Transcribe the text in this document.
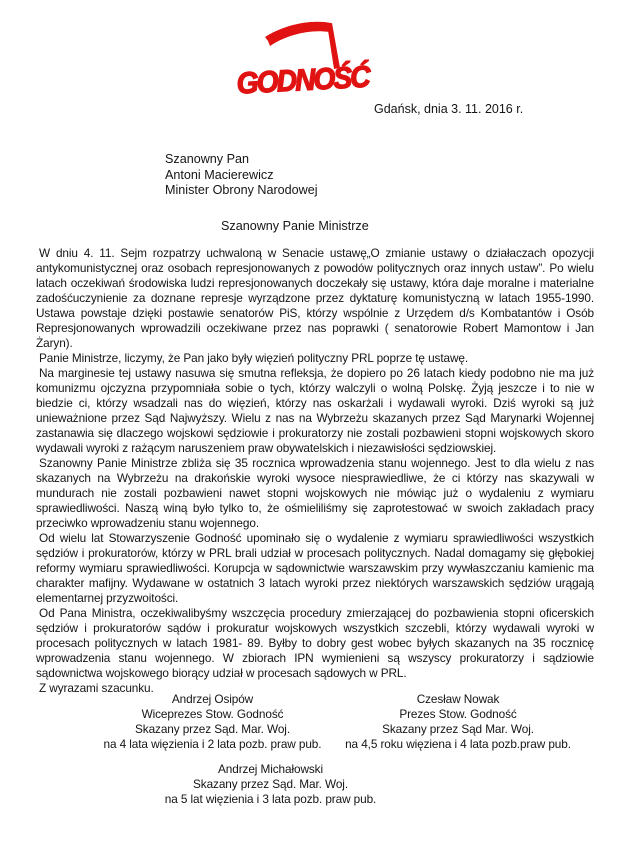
GODNOŚĆ
Gdańsk, dnia 3. 11. 2016 r.
Szanowny Pan
Antoni Macierewicz
Minister Obrony Narodowej
Szanowny Panie Ministrze

W dniu 4. 11. Sejm rozpatrzy uchwaloną w Senacie ustawę„O zmianie ustawy o działaczach opozycji antykomunistycznej oraz osobach represjonowanych z powodów politycznych oraz innych ustaw”. Po wielu latach oczekiwań środowiska ludzi represjonowanych doczekały się ustawy, która daje moralne i materialne zadośćuczynienie za doznane represje wyrządzone przez dyktaturę komunistyczną w latach 1955-1990. Ustawa powstaje dzięki postawie senatorów PiS, którzy wspólnie z Urzędem d/s Kombatantów i Osób Represjonowanych wprowadzili oczekiwane przez nas poprawki ( senatorowie Robert Mamontow i Jan Żaryn).

Panie Ministrze, liczymy, że Pan jako były więzień polityczny PRL poprze tę ustawę.

Na marginesie tej ustawy nasuwa się smutna refleksja, że dopiero po 26 latach kiedy podobno nie ma już komunizmu ojczyzna przypomniała sobie o tych, którzy walczyli o wolną Polskę. Żyją jeszcze i to nie w biedzie ci, którzy wsadzali nas do więzień, którzy nas oskarżali i wydawali wyroki. Dziś wyroki są już unieważnione przez Sąd Najwyższy. Wielu z nas na Wybrzeżu skazanych przez Sąd Marynarki Wojennej zastanawia się dlaczego wojskowi sędziowie i prokuratorzy nie zostali pozbawieni stopni wojskowych skoro wydawali wyroki z rażącym naruszeniem praw obywatelskich i niezawisłości sędziowskiej.

Szanowny Panie Ministrze zbliża się 35 rocznica wprowadzenia stanu wojennego. Jest to dla wielu z nas skazanych na Wybrzeżu na drakońskie wyroki wysoce niesprawiedliwe, że ci którzy nas skazywali w mundurach nie zostali pozbawieni nawet stopni wojskowych nie mówiąc już o wydaleniu z wymiaru sprawiedliwości. Naszą winą było tylko to, że ośmieliliśmy się zaprotestować w swoich zakładach pracy przeciwko wprowadzeniu stanu wojennego.

Od wielu lat Stowarzyszenie Godność upominało się o wydalenie z wymiaru sprawiedliwości wszystkich sędziów i prokuratorów, którzy w PRL brali udział w procesach politycznych. Nadal domagamy się głębokiej reformy wymiaru sprawiedliwości. Korupcja w sądownictwie warszawskim przy wywłaszczaniu kamienic ma charakter mafijny. Wydawane w ostatnich 3 latach wyroki przez niektórych warszawskich sędziów urągają elementarnej przyzwoitości.

Od Pana Ministra, oczekiwalibyśmy wszczęcia procedury zmierzającej do pozbawienia stopni oficerskich sędziów i prokuratorów sądów i prokuratur wojskowych wszystkich szczebli, którzy wydawali wyroki w procesach politycznych w latach 1981- 89. Byłby to dobry gest wobec byłych skazanych na 35 rocznicę wprowadzenia stanu wojennego. W zbiorach IPN wymienieni są wszyscy prokuratorzy i sądziowie sądownictwa wojskowego biorący udział w procesach sądowych w PRL.

Z wyrazami szacunku.

Andrzej Osipów
Wiceprezes Stow. Godność
Skazany przez Sąd. Mar. Woj.
na 4 lata więzienia i 2 lata pozb. praw pub.
Czesław Nowak
Prezes Stow. Godność
Skazany przez Sąd Mar. Woj.
na 4,5 roku więziena i 4 lata pozb.praw pub.
Andrzej Michałowski
Skazany przez Sąd. Mar. Woj.
na 5 lat więzienia i 3 lata pozb. praw pub.
